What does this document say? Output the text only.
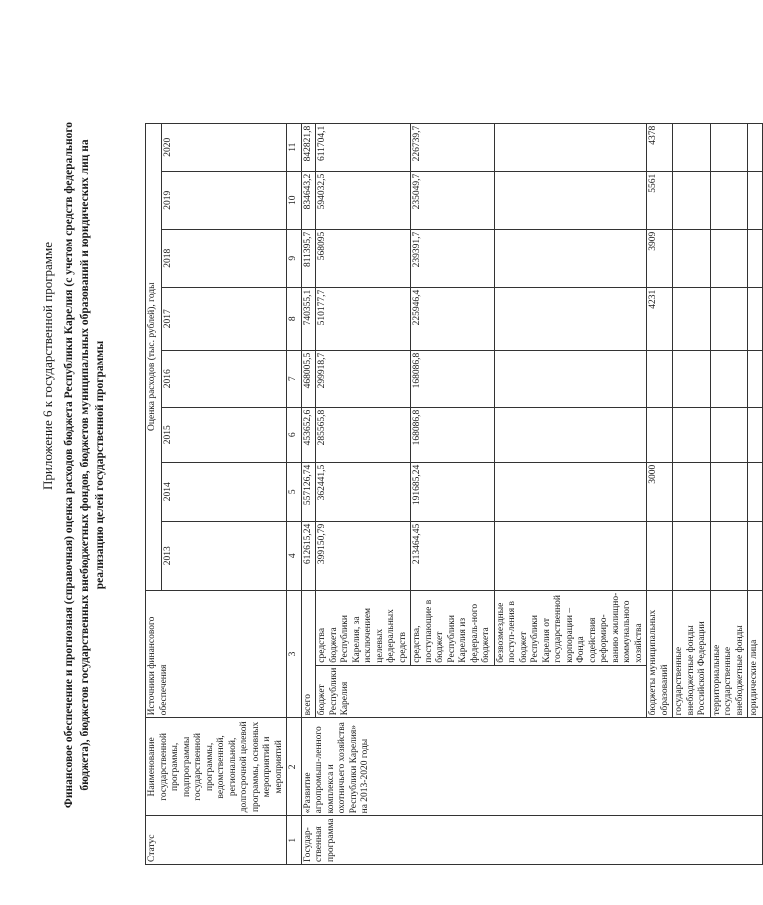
Приложение 6 к государственной программе Финансовое обеспечение и прогнозная (справочная) оценка расходов бюджета Республики Карелия (с учетом средств федерального бюджета), бюджетов государственных внебюджетных фондов, бюджетов муниципальных образований и юридических лиц на реализацию целей государственной программы
Статус	Наименование государственной программы, подпрограммы государственной программы, ведомственной, региональной, долгосрочной целевой программы, основных мероприятий и мероприятий	Источники финансового обеспечения		Оценка расходов (тыс. рублей), годы							
				2013	2014	2015	2016	2017	2018	2019	2020
1	2	3		4	5	6	7	8	9	10	11
Государ-ственная программа	«Развитие агропромыш-ленного комплекса и охотничьего хозяйства Республики Карелия» на 2013-2020 годы	всего		612615,24	557126,74	453652,6	468005,5	740355,1	811395,7	834643,2	842821,8
		бюджет Республики Карелия	средства бюджета Республики Карелия, за исключением целевых федеральных средств	399150,79	362441,5	285565,8	299918,7	510177,7	568095	594032,5	611704,1
			средства, поступающие в бюджет Республики Карелия из федераль-ного бюджета	213464,45	191685,24	168086,8	168086,8	225946,4	239391,7	235049,7	226739,7
			безвозмездные поступ-ления в бюджет Республики Карелия от государственной корпорации – Фонда содействия реформиро-ванию жилищно-коммунального хозяйства								
		бюджеты муниципальных образований			3000			4231	3909	5561	4378
		государственные внебюджетные фонды Российской Федерации									
		территориальные государственные внебюджетные фонды									
		юридические лица									
